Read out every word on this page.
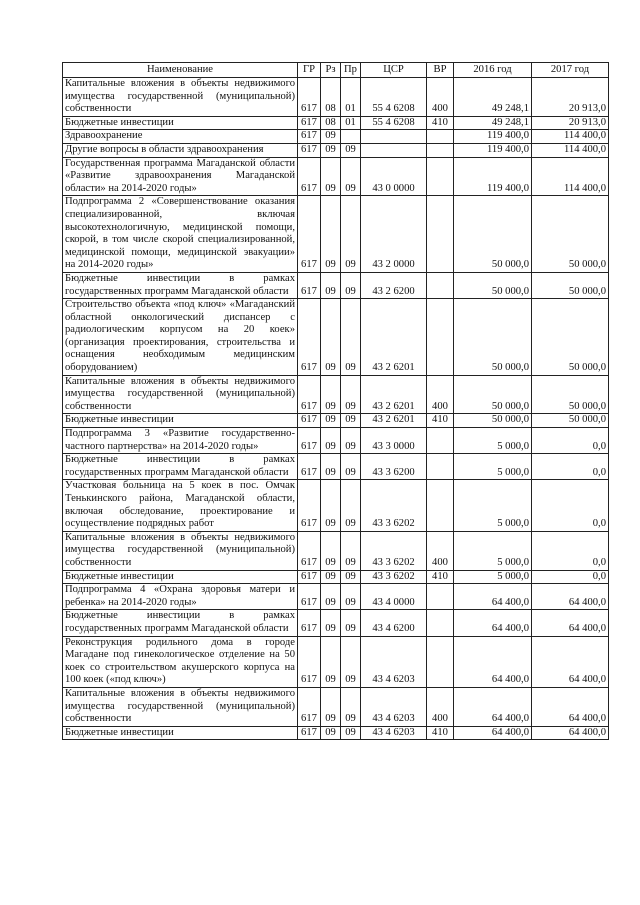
Наименование	ГР	Рз	Пр	ЦСР	ВР	2016 год	2017 год
Капитальные вложения в объекты недвижимого имущества государственной (муниципальной) собственности	617	08	01	55 4 6208	400	49 248,1	20 913,0
Бюджетные инвестиции	617	08	01	55 4 6208	410	49 248,1	20 913,0
Здравоохранение	617	09				119 400,0	114 400,0
Другие вопросы в области здравоохранения	617	09	09			119 400,0	114 400,0
Государственная программа Магаданской области «Развитие здравоохранения Магаданской области» на 2014-2020 годы»	617	09	09	43 0 0000		119 400,0	114 400,0
Подпрограмма 2 «Совершенствование оказания специализированной, включая высокотехнологичную, медицинской помощи, скорой, в том числе скорой специализированной, медицинской помощи, медицинской эвакуации» на 2014-2020 годы»	617	09	09	43 2 0000		50 000,0	50 000,0
Бюджетные инвестиции в рамках государственных программ Магаданской области	617	09	09	43 2 6200		50 000,0	50 000,0
Строительство объекта «под ключ» «Магаданский областной онкологический диспансер с радиологическим корпусом на 20 коек» (организация проектирования, строительства и оснащения необходимым медицинским оборудованием)	617	09	09	43 2 6201		50 000,0	50 000,0
Капитальные вложения в объекты недвижимого имущества государственной (муниципальной) собственности	617	09	09	43 2 6201	400	50 000,0	50 000,0
Бюджетные инвестиции	617	09	09	43 2 6201	410	50 000,0	50 000,0
Подпрограмма 3 «Развитие государственно-частного партнерства» на 2014-2020 годы»	617	09	09	43 3 0000		5 000,0	0,0
Бюджетные инвестиции в рамках государственных программ Магаданской области	617	09	09	43 3 6200		5 000,0	0,0
Участковая больница на 5 коек в пос. Омчак Тенькинского района, Магаданской области, включая обследование, проектирование и осуществление подрядных работ	617	09	09	43 3 6202		5 000,0	0,0
Капитальные вложения в объекты недвижимого имущества государственной (муниципальной) собственности	617	09	09	43 3 6202	400	5 000,0	0,0
Бюджетные инвестиции	617	09	09	43 3 6202	410	5 000,0	0,0
Подпрограмма 4 «Охрана здоровья матери и ребенка» на 2014-2020 годы»	617	09	09	43 4 0000		64 400,0	64 400,0
Бюджетные инвестиции в рамках государственных программ Магаданской области	617	09	09	43 4 6200		64 400,0	64 400,0
Реконструкция родильного дома в городе Магадане под гинекологическое отделение на 50 коек со строительством акушерского корпуса на 100 коек («под ключ»)	617	09	09	43 4 6203		64 400,0	64 400,0
Капитальные вложения в объекты недвижимого имущества государственной (муниципальной) собственности	617	09	09	43 4 6203	400	64 400,0	64 400,0
Бюджетные инвестиции	617	09	09	43 4 6203	410	64 400,0	64 400,0
